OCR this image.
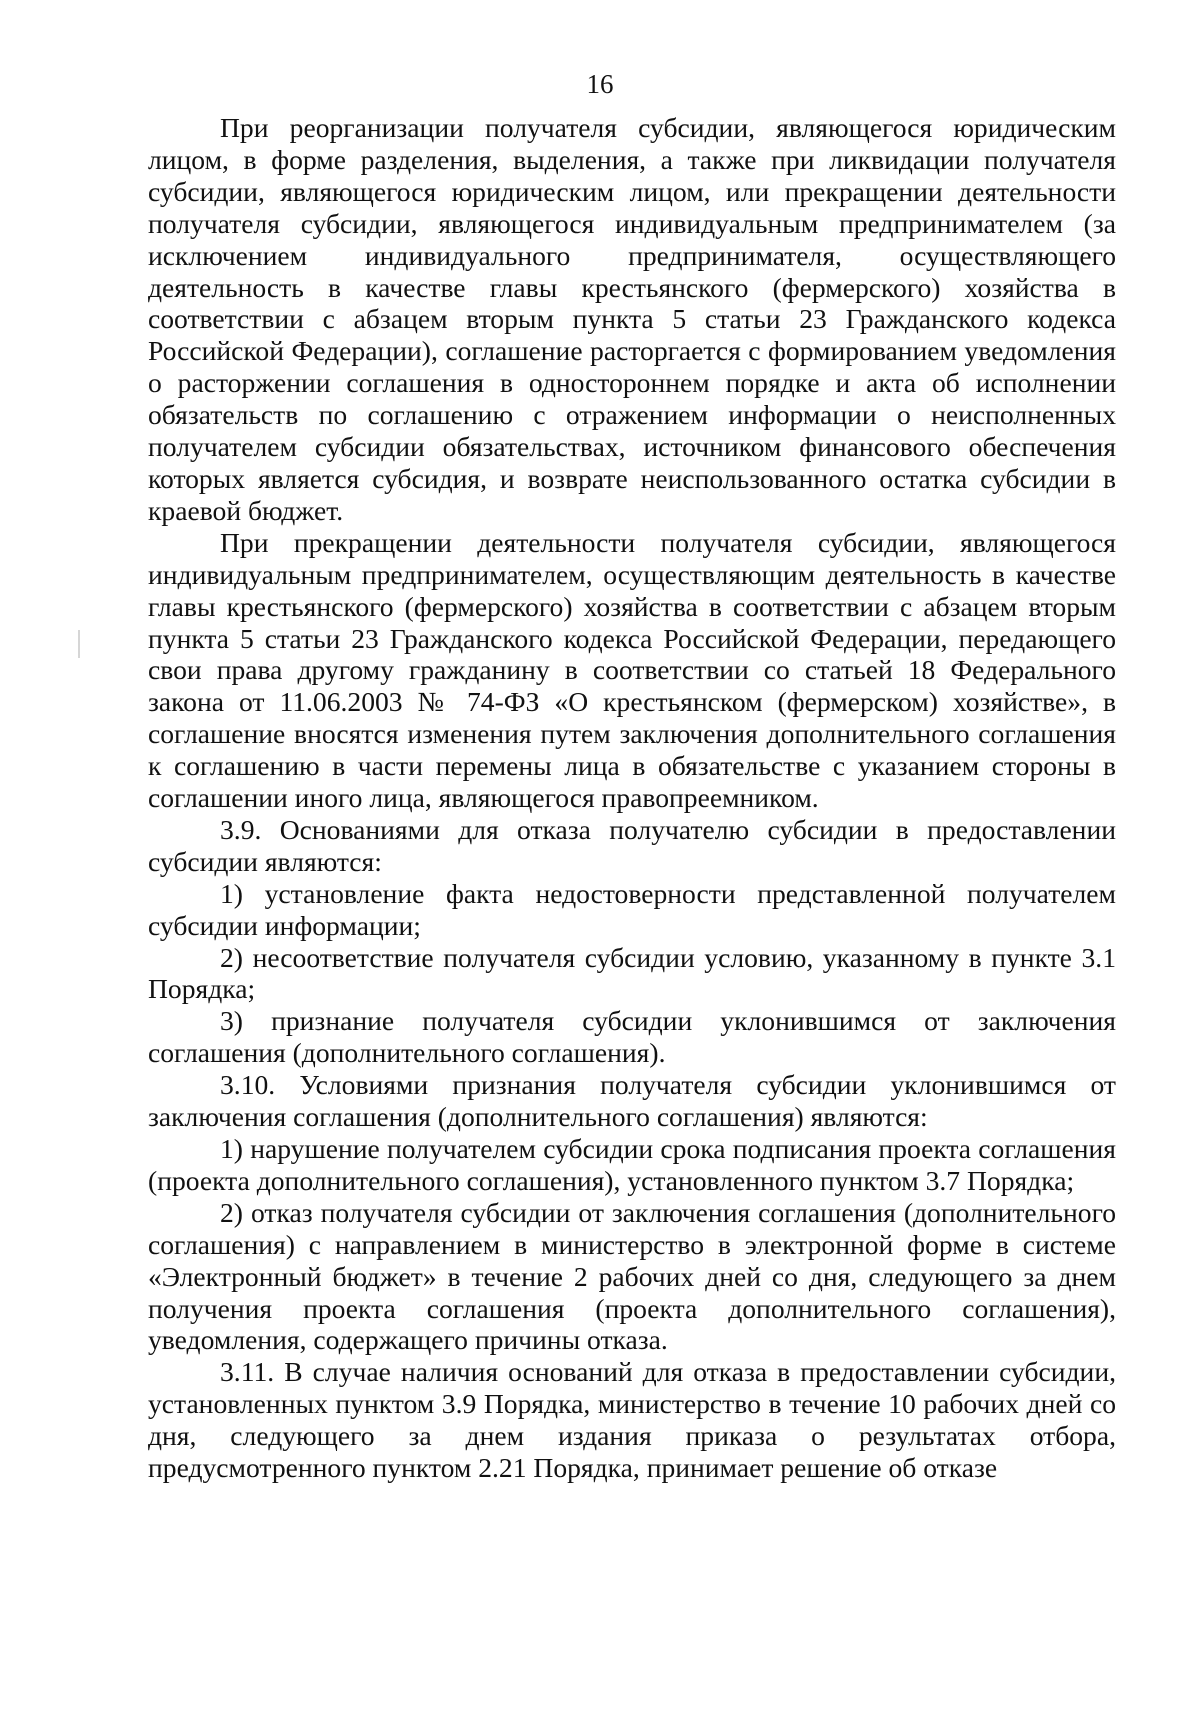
16

При реорганизации получателя субсидии, являющегося юридическим лицом, в форме разделения, выделения, а также при ликвидации получателя субсидии, являющегося юридическим лицом, или прекращении деятельности получателя субсидии, являющегося индивидуальным предпринимателем (за исключением индивидуального предпринимателя, осуществляющего деятельность в качестве главы крестьянского (фермерского) хозяйства в соответствии с абзацем вторым пункта 5 статьи 23 Гражданского кодекса Российской Федерации), соглашение расторгается с формированием уведомления о расторжении соглашения в одностороннем порядке и акта об исполнении обязательств по соглашению с отражением информации о неисполненных получателем субсидии обязательствах, источником финансового обеспечения которых является субсидия, и возврате неиспользованного остатка субсидии в краевой бюджет.

При прекращении деятельности получателя субсидии, являющегося индивидуальным предпринимателем, осуществляющим деятельность в качестве главы крестьянского (фермерского) хозяйства в соответствии с абзацем вторым пункта 5 статьи 23 Гражданского кодекса Российской Федерации, передающего свои права другому гражданину в соответствии со статьей 18 Федерального закона от 11.06.2003 № 74-ФЗ «О крестьянском (фермерском) хозяйстве», в соглашение вносятся изменения путем заключения дополнительного соглашения к соглашению в части перемены лица в обязательстве с указанием стороны в соглашении иного лица, являющегося правопреемником.

3.9. Основаниями для отказа получателю субсидии в предоставлении субсидии являются:

1) установление факта недостоверности представленной получателем субсидии информации;

2) несоответствие получателя субсидии условию, указанному в пункте 3.1 Порядка;

3) признание получателя субсидии уклонившимся от заключения соглашения (дополнительного соглашения).

3.10. Условиями признания получателя субсидии уклонившимся от заключения соглашения (дополнительного соглашения) являются:

1) нарушение получателем субсидии срока подписания проекта соглашения (проекта дополнительного соглашения), установленного пунктом 3.7 Порядка;

2) отказ получателя субсидии от заключения соглашения (дополнительного соглашения) с направлением в министерство в электронной форме в системе «Электронный бюджет» в течение 2 рабочих дней со дня, следующего за днем получения проекта соглашения (проекта дополнительного соглашения), уведомления, содержащего причины отказа.

3.11. В случае наличия оснований для отказа в предоставлении субсидии, установленных пунктом 3.9 Порядка, министерство в течение 10 рабочих дней со дня, следующего за днем издания приказа о результатах отбора, предусмотренного пунктом 2.21 Порядка, принимает решение об отказе
